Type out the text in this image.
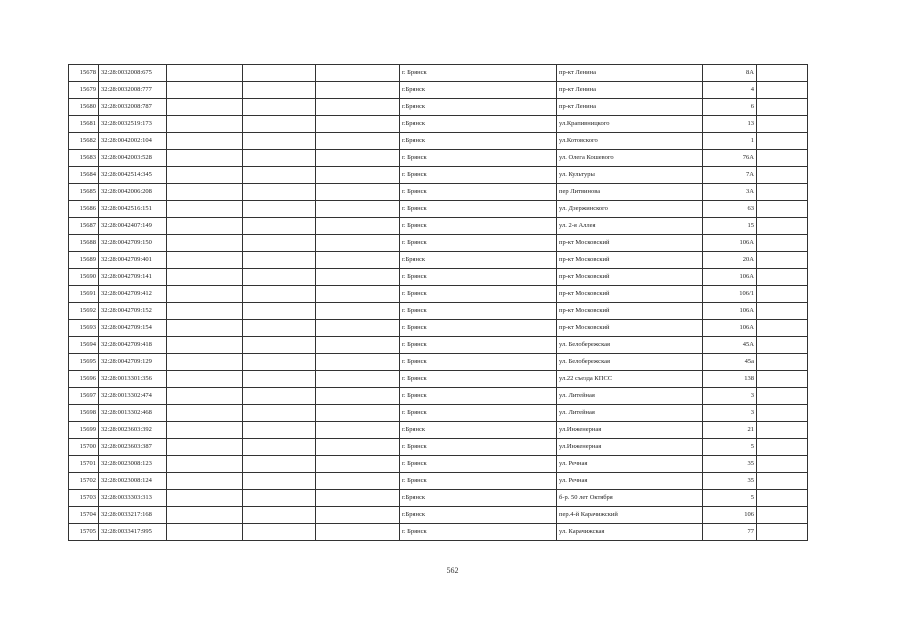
15678	32:28:0032008:675				г. Брянск	пр-кт Ленина	8А	
15679	32:28:0032008:777				г.Брянск	пр-кт Ленина	4	
15680	32:28:0032008:787				г.Брянск	пр-кт Ленина	6	
15681	32:28:0032519:173				г.Брянск	ул.Крапивницкого	13	
15682	32:28:0042002:104				г.Брянск	ул.Котовского	1	
15683	32:28:0042003:528				г. Брянск	ул. Олега Кошевого	76А	
15684	32:28:0042514:345				г. Брянск	ул. Культуры	7А	
15685	32:28:0042006:208				г. Брянск	пер Литвинова	3А	
15686	32:28:0042516:151				г. Брянск	ул. Дзержинского	63	
15687	32:28:0042407:149				г. Брянск	ул. 2-я Аллея	15	
15688	32:28:0042709:150				г. Брянск	пр-кт Московский	106А	
15689	32:28:0042709:401				г.Брянск	пр-кт Московский	20А	
15690	32:28:0042709:141				г. Брянск	пр-кт Московский	106А	
15691	32:28:0042709:412				г. Брянск	пр-кт Московский	106/1	
15692	32:28:0042709:152				г. Брянск	пр-кт Московский	106А	
15693	32:28:0042709:154				г. Брянск	пр-кт Московский	106А	
15694	32:28:0042709:418				г. Брянск	ул. Белобережская	45А	
15695	32:28:0042709:129				г. Брянск	ул. Белобережская	45а	
15696	32:28:0013301:356				г. Брянск	ул.22 съезда КПСС	138	
15697	32:28:0013302:474				г. Брянск	ул. Литейная	3	
15698	32:28:0013302:468				г. Брянск	ул. Литейная	3	
15699	32:28:0023603:392				г.Брянск	ул.Инженерная	21	
15700	32:28:0023603:387				г. Брянск	ул.Инженерная	5	
15701	32:28:0023008:123				г. Брянск	ул. Речная	35	
15702	32:28:0023008:124				г. Брянск	ул. Речная	35	
15703	32:28:0033303:313				г.Брянск	б-р. 50 лет Октября	5	
15704	32:28:0033217:168				г.Брянск	пер.4-й Карачижский	106	
15705	32:28:0033417:995				г. Брянск	ул. Карачижская	77	
562
